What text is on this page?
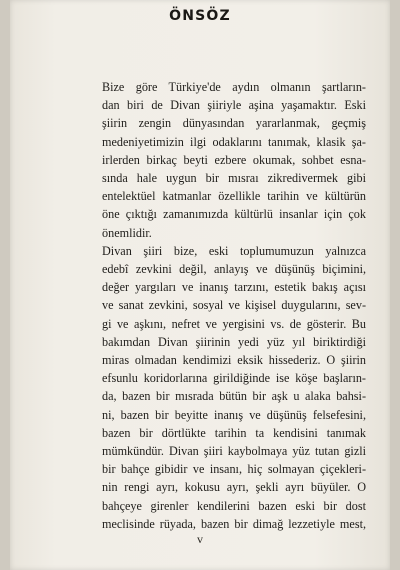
ÖNSÖZ

Bize göre Türkiye'de aydın olmanın şartların-
dan biri de Divan şiiriyle aşina yaşamaktır. Eski
şiirin zengin dünyasından yararlanmak, geçmiş
medeniyetimizin ilgi odaklarını tanımak, klasik şa-
irlerden birkaç beyti ezbere okumak, sohbet esna-
sında hale uygun bir mısraı zikredivermek gibi
entelektüel katmanlar özellikle tarihin ve kültürün
öne çıktığı zamanımızda kültürlü insanlar için çok
önemlidir.

Divan şiiri bize, eski toplumumuzun yalnızca
edebî zevkini değil, anlayış ve düşünüş biçimini,
değer yargıları ve inanış tarzını, estetik bakış açısı
ve sanat zevkini, sosyal ve kişisel duygularını, sev-
gi ve aşkını, nefret ve yergisini vs. de gösterir. Bu
bakımdan Divan şiirinin yedi yüz yıl biriktirdiği
miras olmadan kendimizi eksik hissederiz. O şiirin
efsunlu koridorlarına girildiğinde ise köşe başların-
da, bazen bir mısrada bütün bir aşk u alaka bahsi-
ni, bazen bir beyitte inanış ve düşünüş felsefesini,
bazen bir dörtlükte tarihin ta kendisini tanımak
mümkündür. Divan şiiri kaybolmaya yüz tutan gizli
bir bahçe gibidir ve insanı, hiç solmayan çiçekleri-
nin rengi ayrı, kokusu ayrı, şekli ayrı büyüler. O
bahçeye girenler kendilerini bazen eski bir dost
meclisinde rüyada, bazen bir dimağ lezzetiyle mest,

v
